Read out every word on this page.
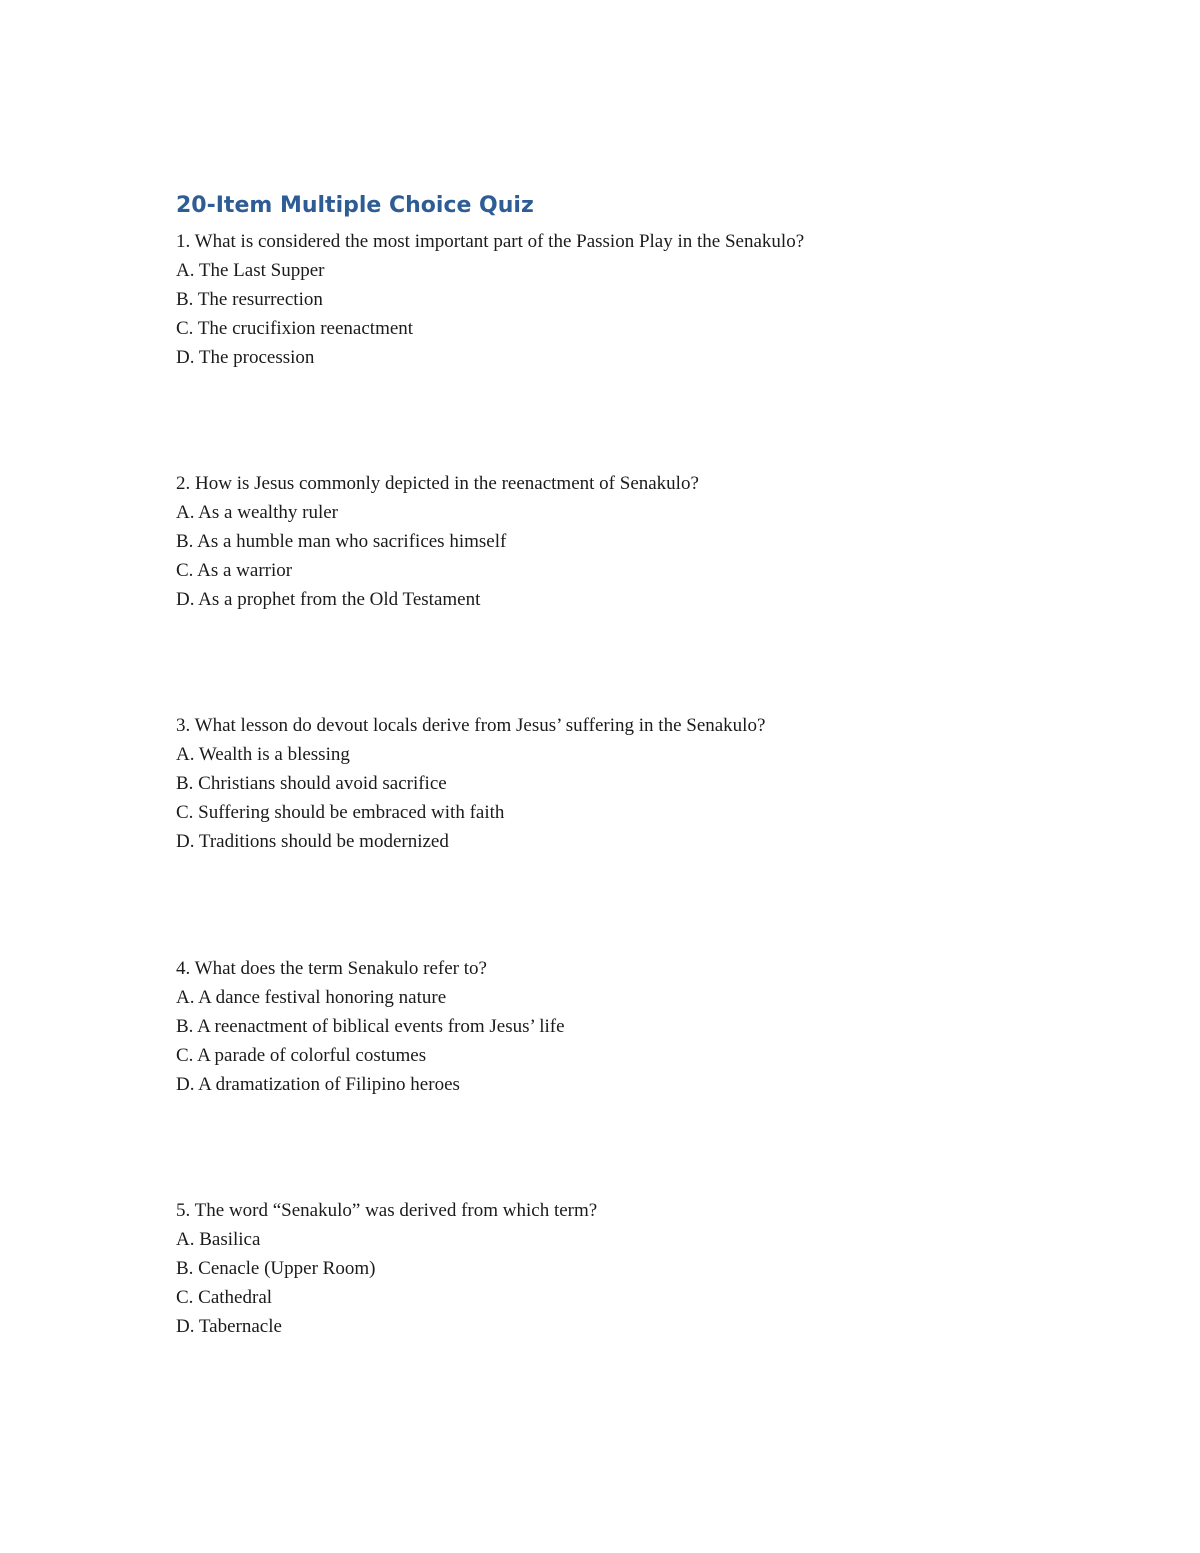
20-Item Multiple Choice Quiz
1. What is considered the most important part of the Passion Play in the Senakulo?
A. The Last Supper
B. The resurrection
C. The crucifixion reenactment
D. The procession
2. How is Jesus commonly depicted in the reenactment of Senakulo?
A. As a wealthy ruler
B. As a humble man who sacrifices himself
C. As a warrior
D. As a prophet from the Old Testament
3. What lesson do devout locals derive from Jesus’ suffering in the Senakulo?
A. Wealth is a blessing
B. Christians should avoid sacrifice
C. Suffering should be embraced with faith
D. Traditions should be modernized
4. What does the term Senakulo refer to?
A. A dance festival honoring nature
B. A reenactment of biblical events from Jesus’ life
C. A parade of colorful costumes
D. A dramatization of Filipino heroes
5. The word “Senakulo” was derived from which term?
A. Basilica
B. Cenacle (Upper Room)
C. Cathedral
D. Tabernacle
